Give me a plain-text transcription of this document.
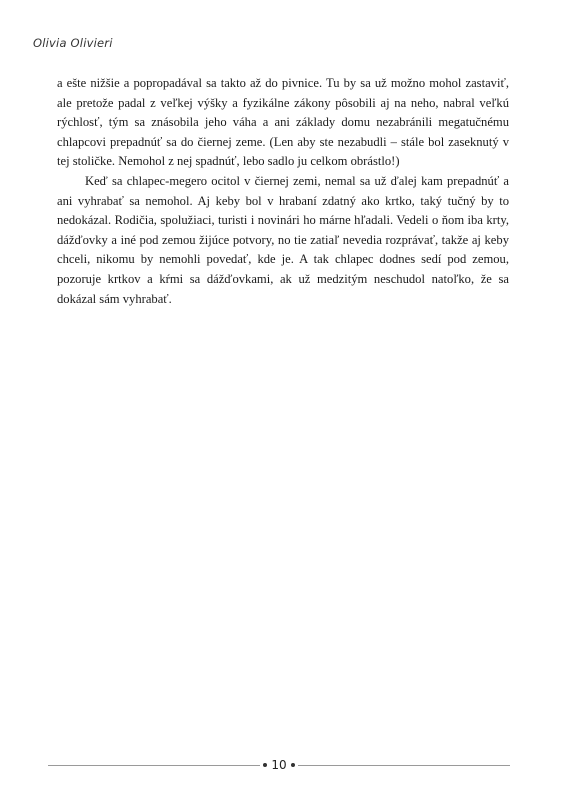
Olivia Olivieri

a ešte nižšie a popropadával sa takto až do pivnice. Tu by sa už možno mohol zastaviť, ale pretože padal z veľkej výšky a fyzikálne zákony pôsobili aj na neho, nabral veľkú rýchlosť, tým sa znásobila jeho váha a ani základy domu nezabránili megatučnému chlapcovi prepadnúť sa do čiernej zeme. (Len aby ste nezabudli – stále bol zaseknutý v tej stoličke. Nemohol z nej spadnúť, lebo sadlo ju celkom obrástlo!)

Keď sa chlapec-megero ocitol v čiernej zemi, nemal sa už ďalej kam prepadnúť a ani vyhrabať sa nemohol. Aj keby bol v hrabaní zdatný ako krtko, taký tučný by to nedokázal. Rodičia, spolužiaci, turisti i novinári ho márne hľadali. Vedeli o ňom iba krty, dážďovky a iné pod zemou žijúce potvory, no tie zatiaľ nevedia rozprávať, takže aj keby chceli, nikomu by nemohli povedať, kde je. A tak chlapec dodnes sedí pod zemou, pozoruje krtkov a kŕmi sa dážďovkami, ak už medzitým neschudol natoľko, že sa dokázal sám vyhrabať.

10
